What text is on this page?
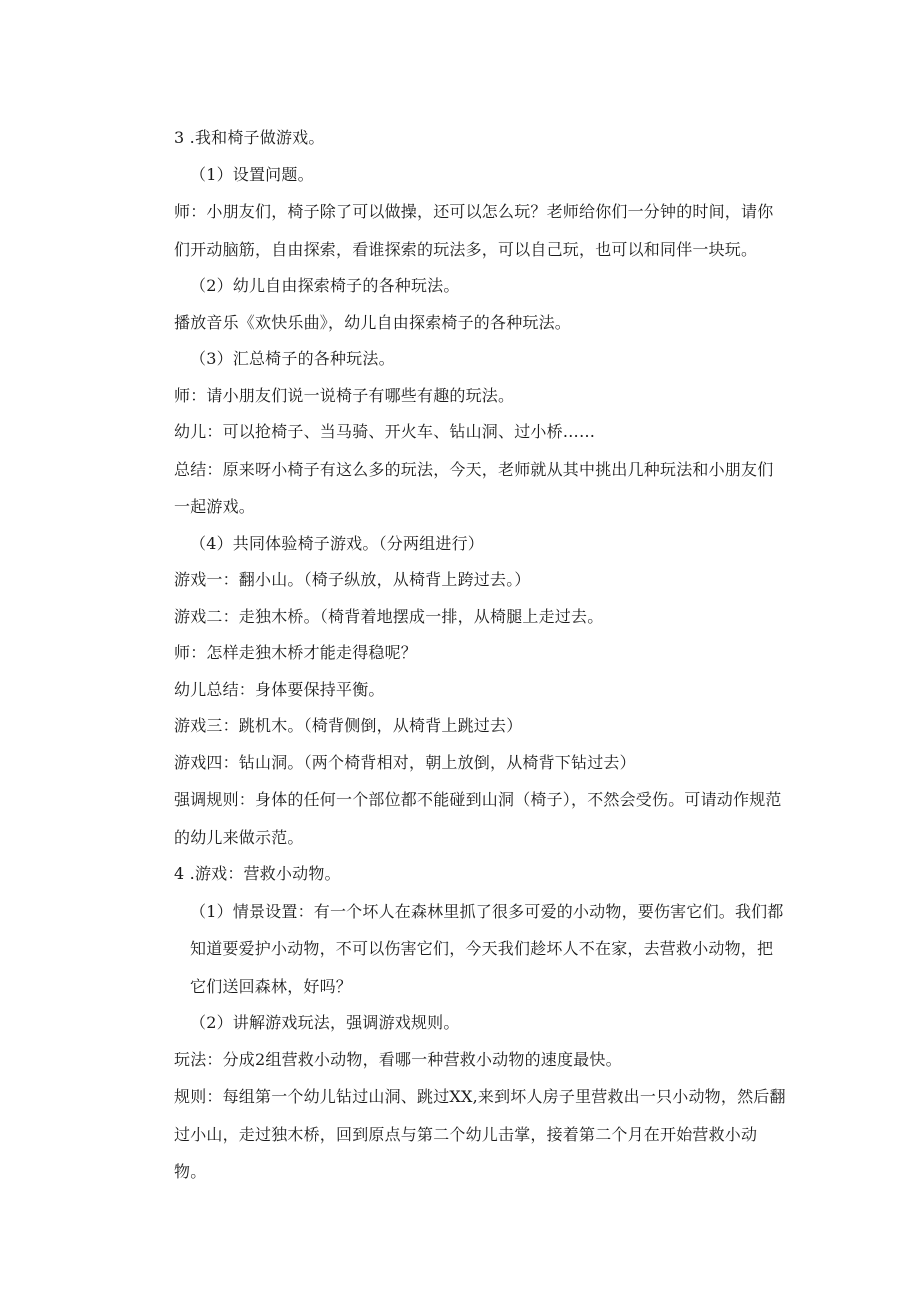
3 .我和椅子做游戏。

（1）设置问题。

师：小朋友们，椅子除了可以做操，还可以怎么玩？老师给你们一分钟的时间，请你们开动脑筋，自由探索，看谁探索的玩法多，可以自己玩，也可以和同伴一块玩。

（2）幼儿自由探索椅子的各种玩法。

播放音乐《欢快乐曲》，幼儿自由探索椅子的各种玩法。

（3）汇总椅子的各种玩法。

师：请小朋友们说一说椅子有哪些有趣的玩法。

幼儿：可以抢椅子、当马骑、开火车、钻山洞、过小桥……

总结：原来呀小椅子有这么多的玩法，今天，老师就从其中挑出几种玩法和小朋友们一起游戏。

（4）共同体验椅子游戏。（分两组进行）

游戏一：翻小山。（椅子纵放，从椅背上跨过去。）

游戏二：走独木桥。（椅背着地摆成一排，从椅腿上走过去。

师：怎样走独木桥才能走得稳呢？

幼儿总结：身体要保持平衡。

游戏三：跳机木。（椅背侧倒，从椅背上跳过去）

游戏四：钻山洞。（两个椅背相对，朝上放倒，从椅背下钻过去）

强调规则：身体的任何一个部位都不能碰到山洞（椅子），不然会受伤。可请动作规范的幼儿来做示范。

4 .游戏：营救小动物。

（1）情景设置：有一个坏人在森林里抓了很多可爱的小动物，要伤害它们。我们都知道要爱护小动物，不可以伤害它们，今天我们趁坏人不在家，去营救小动物，把它们送回森林，好吗？

（2）讲解游戏玩法，强调游戏规则。

玩法：分成2组营救小动物，看哪一种营救小动物的速度最快。

规则：每组第一个幼儿钻过山洞、跳过XX,来到坏人房子里营救出一只小动物，然后翻过小山，走过独木桥，回到原点与第二个幼儿击掌，接着第二个月在开始营救小动物。
